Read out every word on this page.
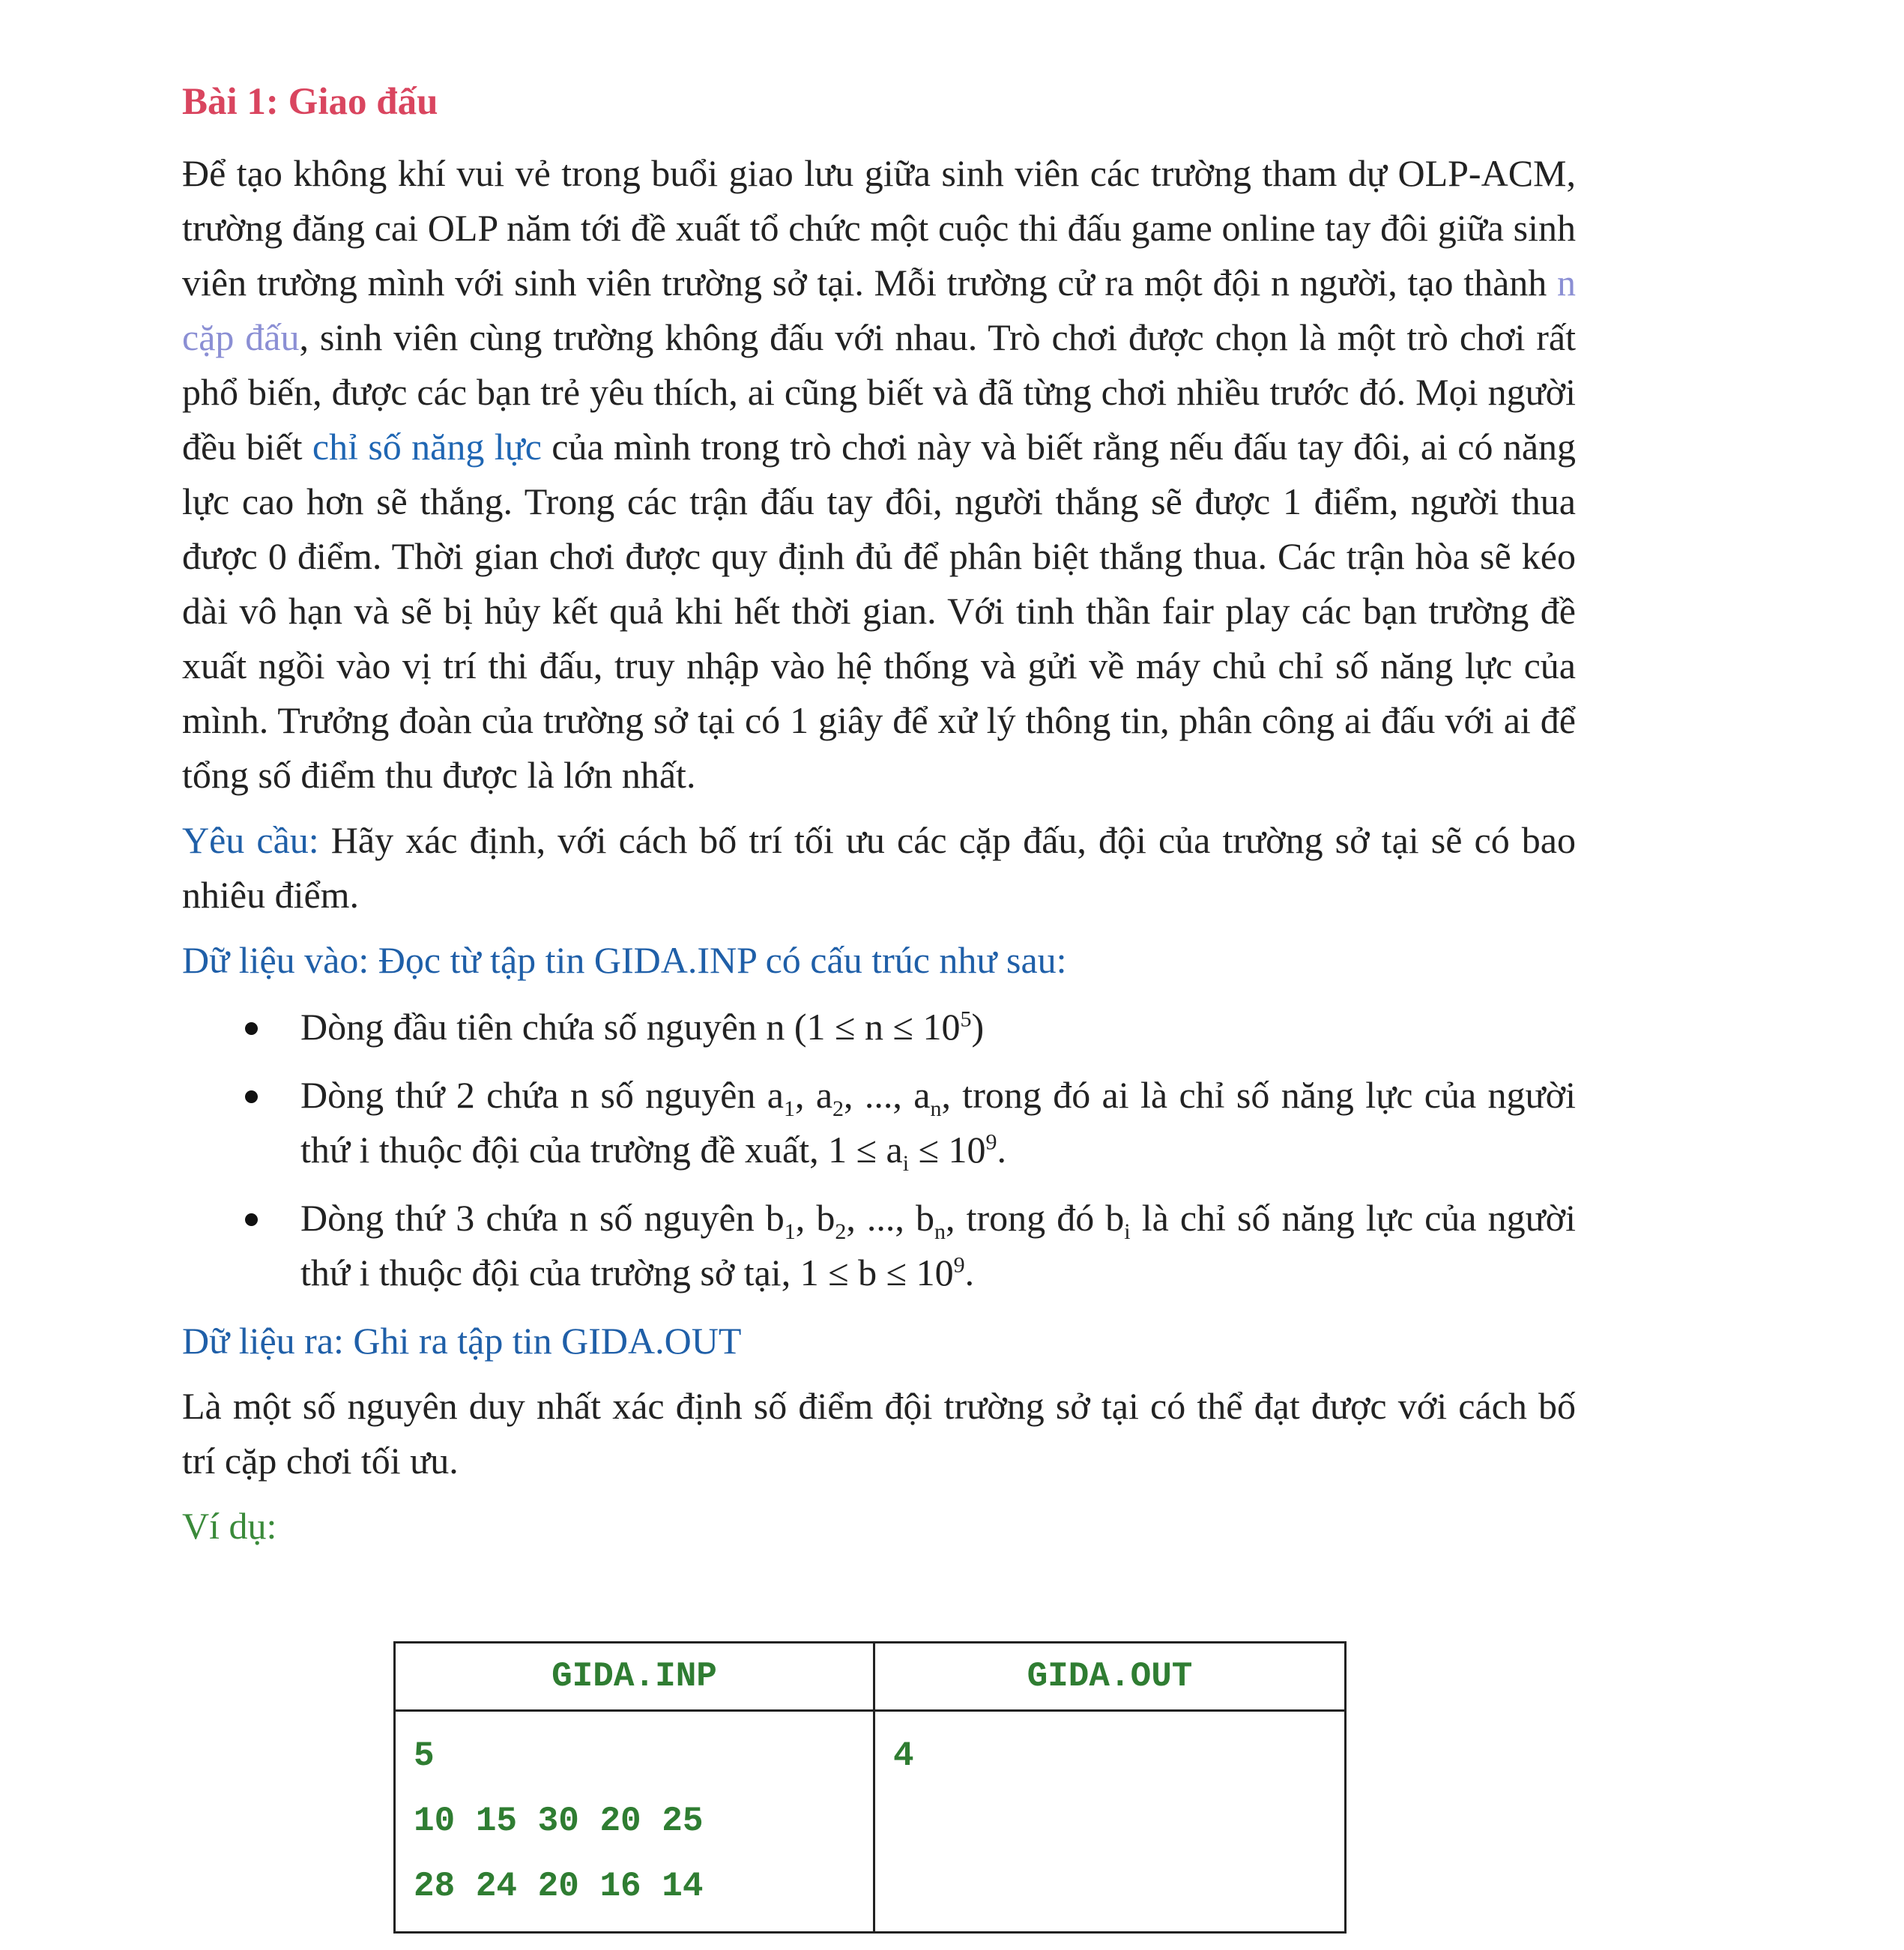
Bài 1: Giao đấu

Để tạo không khí vui vẻ trong buổi giao lưu giữa sinh viên các trường tham dự OLP-ACM, trường đăng cai OLP năm tới đề xuất tổ chức một cuộc thi đấu game online tay đôi giữa sinh viên trường mình với sinh viên trường sở tại. Mỗi trường cử ra một đội n người, tạo thành n cặp đấu, sinh viên cùng trường không đấu với nhau. Trò chơi được chọn là một trò chơi rất phổ biến, được các bạn trẻ yêu thích, ai cũng biết và đã từng chơi nhiều trước đó. Mọi người đều biết chỉ số năng lực của mình trong trò chơi này và biết rằng nếu đấu tay đôi, ai có năng lực cao hơn sẽ thắng. Trong các trận đấu tay đôi, người thắng sẽ được 1 điểm, người thua được 0 điểm. Thời gian chơi được quy định đủ để phân biệt thắng thua. Các trận hòa sẽ kéo dài vô hạn và sẽ bị hủy kết quả khi hết thời gian. Với tinh thần fair play các bạn trường đề xuất ngồi vào vị trí thi đấu, truy nhập vào hệ thống và gửi về máy chủ chỉ số năng lực của mình. Trưởng đoàn của trường sở tại có 1 giây để xử lý thông tin, phân công ai đấu với ai để tổng số điểm thu được là lớn nhất.

Yêu cầu: Hãy xác định, với cách bố trí tối ưu các cặp đấu, đội của trường sở tại sẽ có bao nhiêu điểm.

Dữ liệu vào: Đọc từ tập tin GIDA.INP có cấu trúc như sau:

Dòng đầu tiên chứa số nguyên n $(1 \le n \le 10^5)$
Dòng thứ 2 chứa n số nguyên $a_1$, $a_2$, ..., $a_n$, trong đó ai là chỉ số năng lực của người thứ i thuộc đội của trường đề xuất, $1 \le a_i \le 10^9$.
Dòng thứ 3 chứa n số nguyên $b_1$, $b_2$, ..., $b_n$, trong đó $b_i$ là chỉ số năng lực của người thứ i thuộc đội của trường sở tại, $1 \le b \le 10^9$.

Dữ liệu ra: Ghi ra tập tin GIDA.OUT

Là một số nguyên duy nhất xác định số điểm đội trường sở tại có thể đạt được với cách bố trí cặp chơi tối ưu.

Ví dụ:

GIDA.INP	GIDA.OUT

5
10 15 30 20 25
28 24 20 16 14	4
